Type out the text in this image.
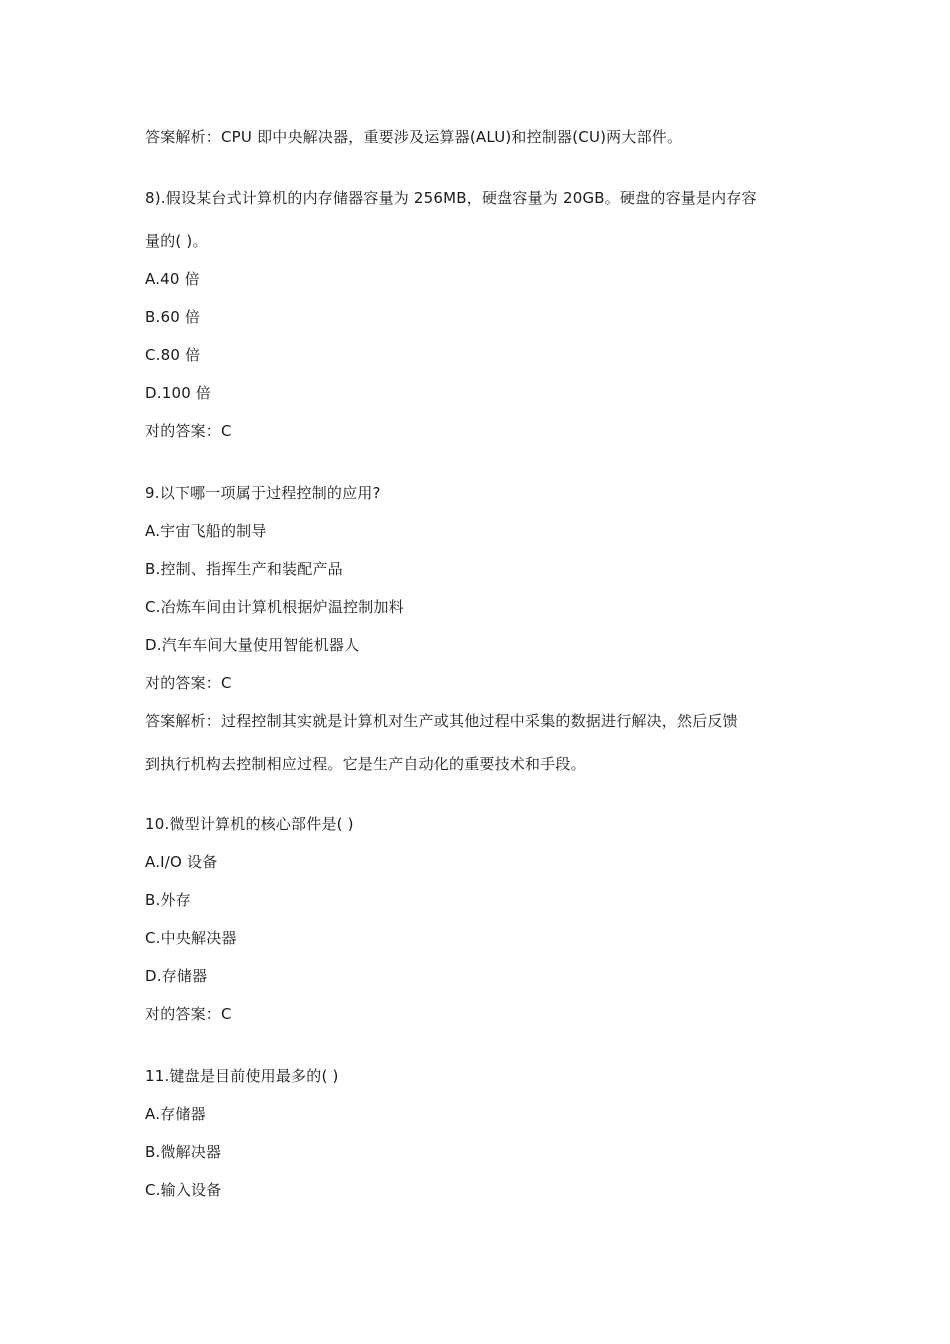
答案解析：CPU 即中央解决器，重要涉及运算器(ALU)和控制器(CU)两大部件。
8).假设某台式计算机的内存储器容量为 256MB，硬盘容量为 20GB。硬盘的容量是内存容
量的( )。
A.40 倍
B.60 倍
C.80 倍
D.100 倍
对的答案：C
9.以下哪一项属于过程控制的应用?
A.宇宙飞船的制导
B.控制、指挥生产和装配产品
C.冶炼车间由计算机根据炉温控制加料
D.汽车车间大量使用智能机器人
对的答案：C
答案解析：过程控制其实就是计算机对生产或其他过程中采集的数据进行解决，然后反馈
到执行机构去控制相应过程。它是生产自动化的重要技术和手段。
10.微型计算机的核心部件是( )
A.I/O 设备
B.外存
C.中央解决器
D.存储器
对的答案：C
11.键盘是目前使用最多的( )
A.存储器
B.微解决器
C.输入设备
